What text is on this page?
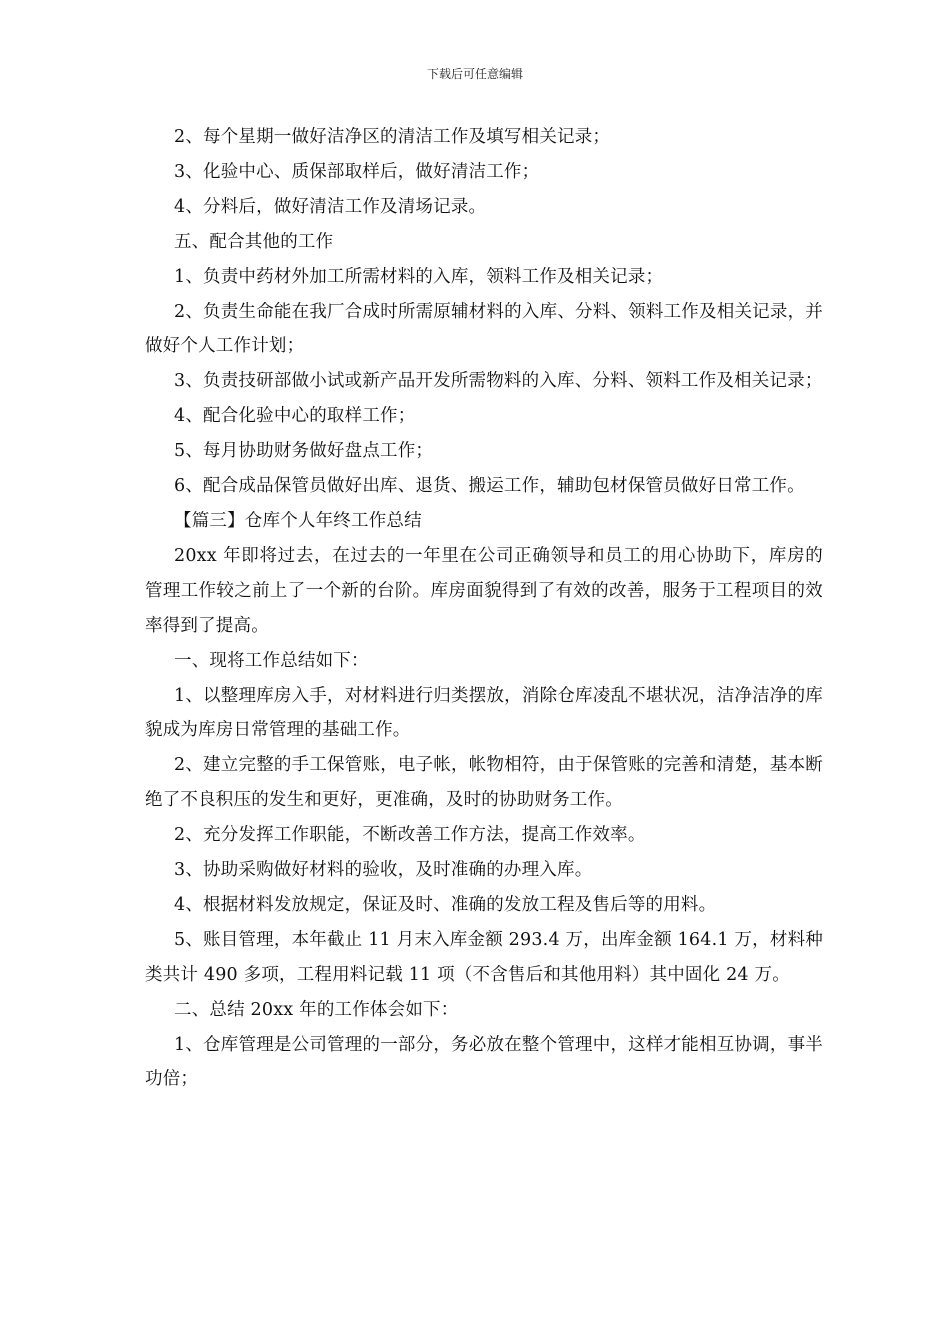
下载后可任意编辑

2、每个星期一做好洁净区的清洁工作及填写相关记录；

3、化验中心、质保部取样后，做好清洁工作；

4、分料后，做好清洁工作及清场记录。

五、配合其他的工作

1、负责中药材外加工所需材料的入库，领料工作及相关记录；

2、负责生命能在我厂合成时所需原辅材料的入库、分料、领料工作及相关记录，并做好个人工作计划；

3、负责技研部做小试或新产品开发所需物料的入库、分料、领料工作及相关记录；

4、配合化验中心的取样工作；

5、每月协助财务做好盘点工作；

6、配合成品保管员做好出库、退货、搬运工作，辅助包材保管员做好日常工作。

【篇三】仓库个人年终工作总结

20xx 年即将过去，在过去的一年里在公司正确领导和员工的用心协助下，库房的管理工作较之前上了一个新的台阶。库房面貌得到了有效的改善，服务于工程项目的效率得到了提高。

一、现将工作总结如下：

1、以整理库房入手，对材料进行归类摆放，消除仓库凌乱不堪状况，洁净洁净的库貌成为库房日常管理的基础工作。

2、建立完整的手工保管账，电子帐，帐物相符，由于保管账的完善和清楚，基本断绝了不良积压的发生和更好，更准确，及时的协助财务工作。

2、充分发挥工作职能，不断改善工作方法，提高工作效率。

3、协助采购做好材料的验收，及时准确的办理入库。

4、根据材料发放规定，保证及时、准确的发放工程及售后等的用料。

5、账目管理，本年截止 11 月末入库金额 293.4 万，出库金额 164.1 万，材料种类共计 490 多项，工程用料记载 11 项（不含售后和其他用料）其中固化 24 万。

二、总结 20xx 年的工作体会如下：

1、仓库管理是公司管理的一部分，务必放在整个管理中，这样才能相互协调，事半功倍；
